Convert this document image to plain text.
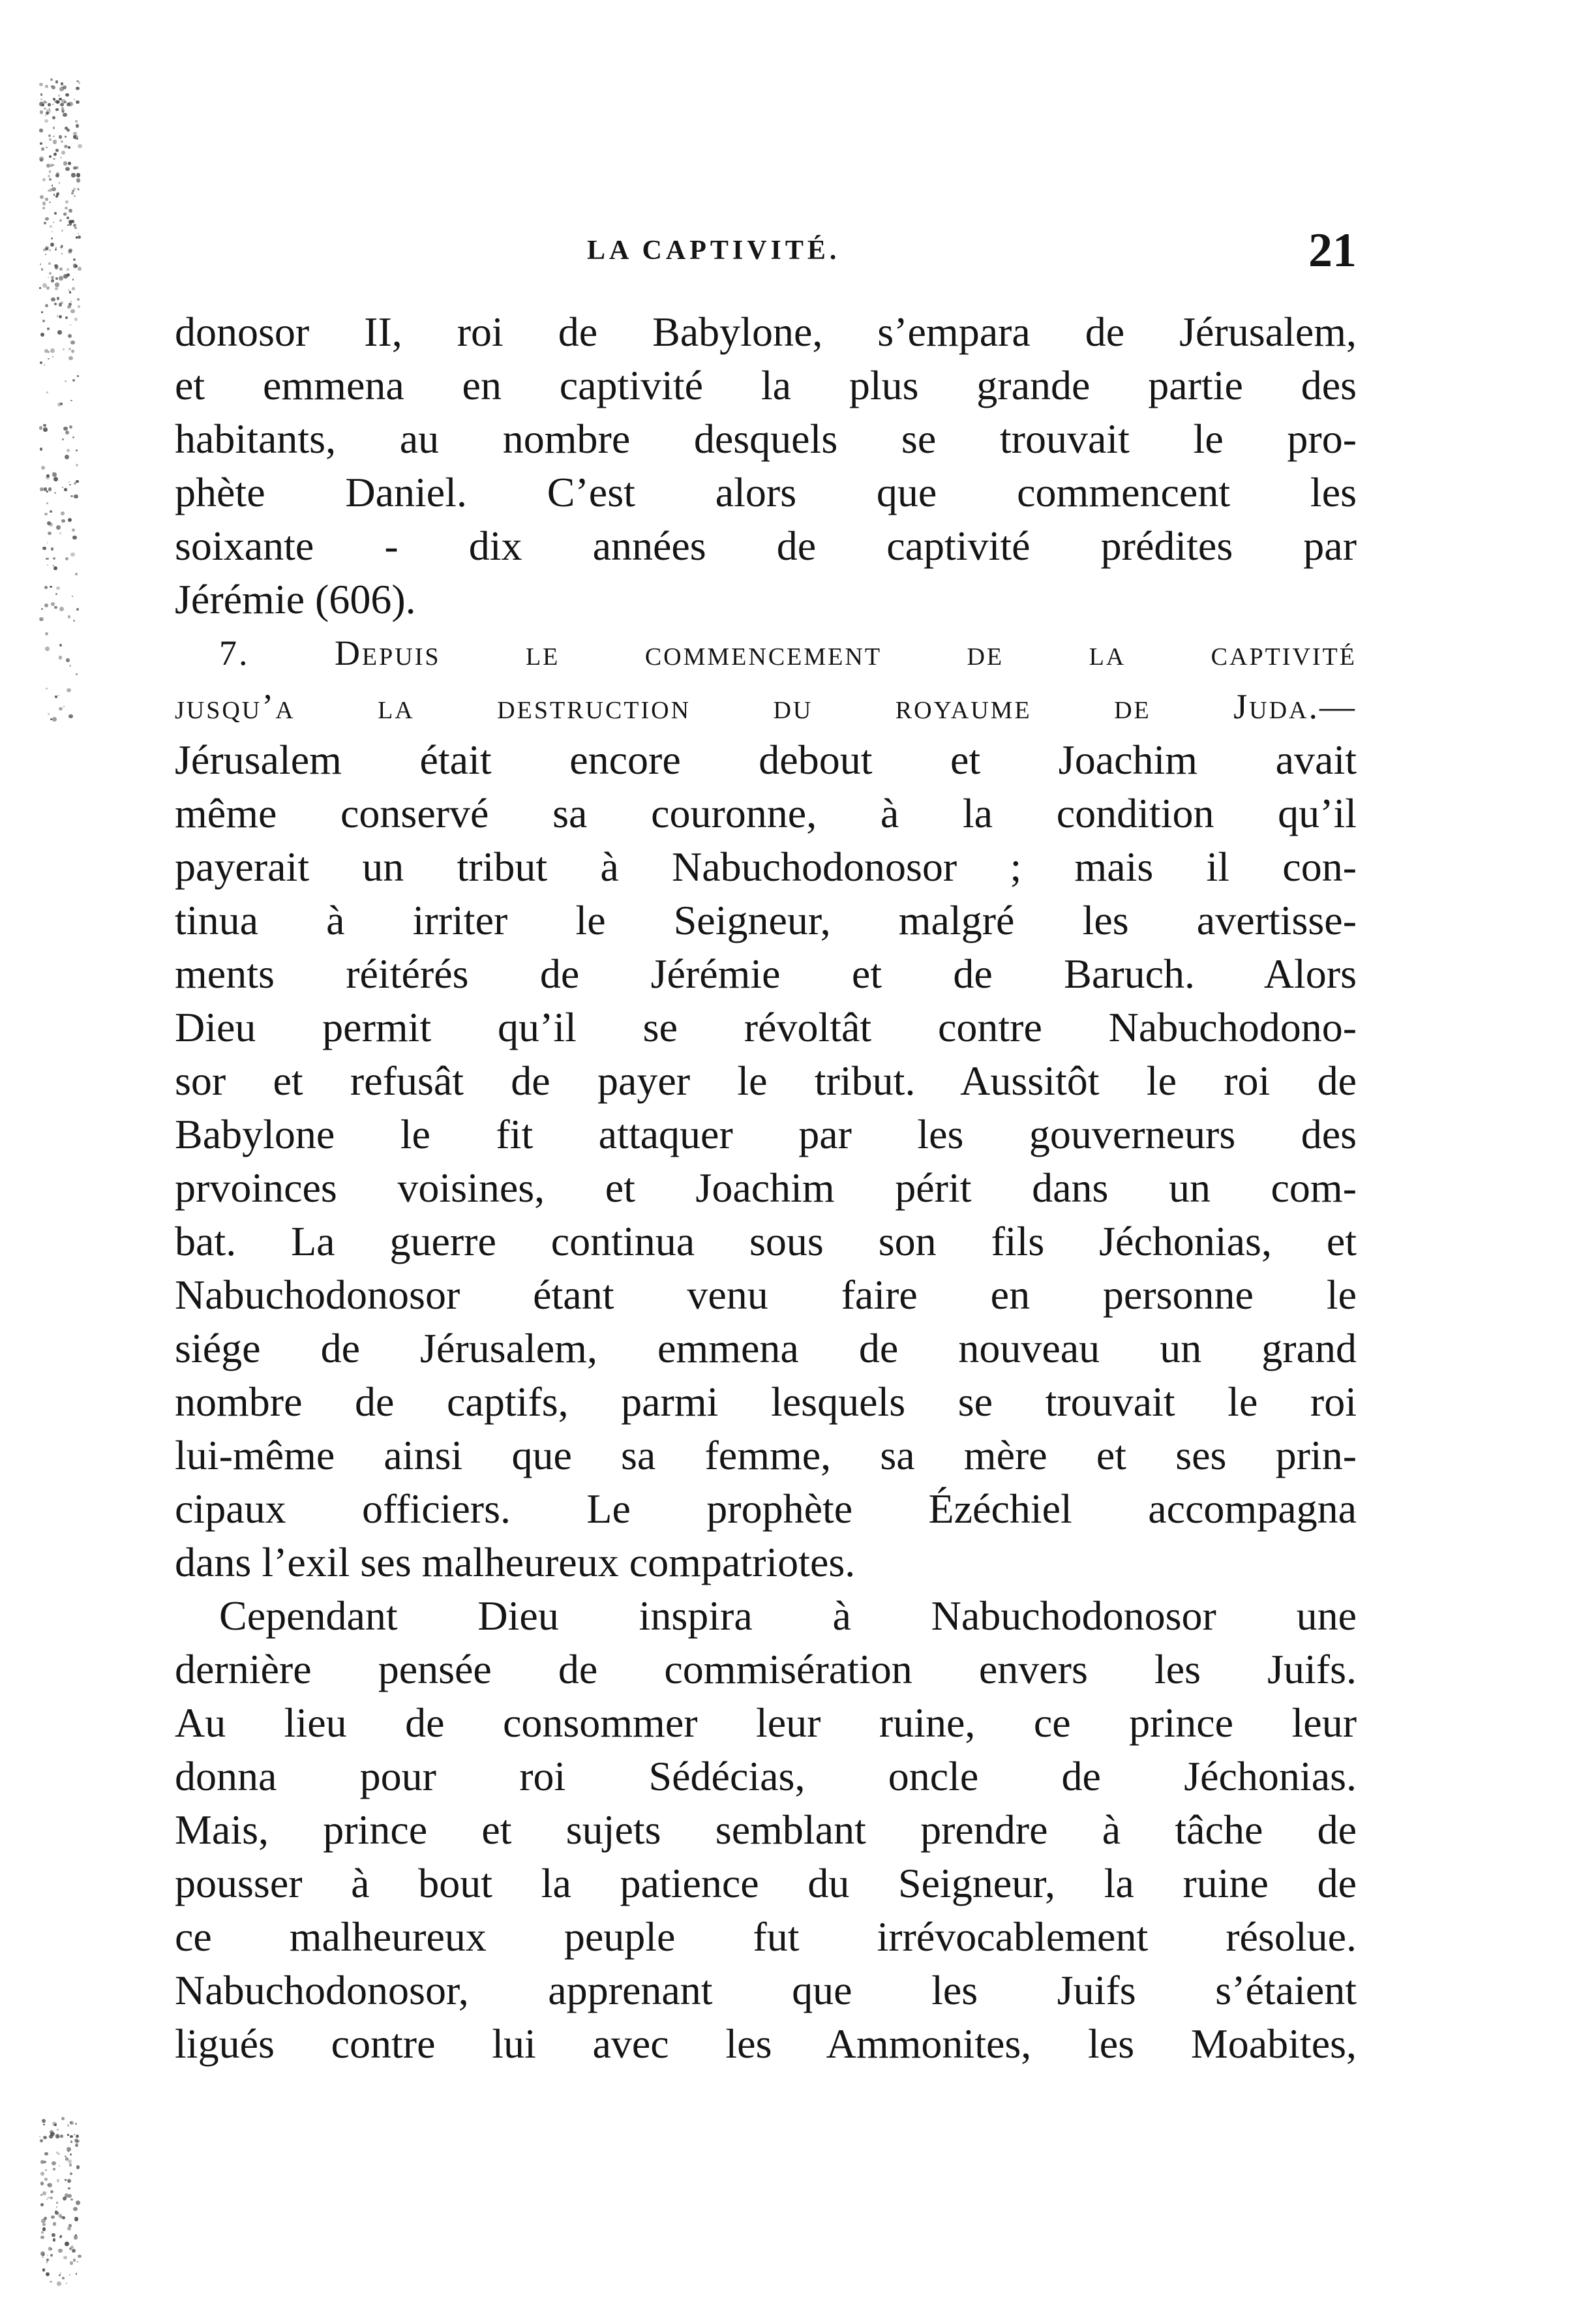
LA CAPTIVITÉ.	21
donosor II, roi de Babylone, s’empara de Jérusalem,
et emmena en captivité la plus grande partie des
habitants, au nombre desquels se trouvait le pro-
phète Daniel. C’est alors que commencent les
soixante - dix années de captivité prédites par
Jérémie (606).
7. Depuis le commencement de la captivité
jusqu’a la destruction du royaume de Juda.—
Jérusalem était encore debout et Joachim avait
même conservé sa couronne, à la condition qu’il
payerait un tribut à Nabuchodonosor ; mais il con-
tinua à irriter le Seigneur, malgré les avertisse-
ments réitérés de Jérémie et de Baruch. Alors
Dieu permit qu’il se révoltât contre Nabuchodono-
sor et refusât de payer le tribut. Aussitôt le roi de
Babylone le fit attaquer par les gouverneurs des
prvoinces voisines, et Joachim périt dans un com-
bat. La guerre continua sous son fils Jéchonias, et
Nabuchodonosor étant venu faire en personne le
siége de Jérusalem, emmena de nouveau un grand
nombre de captifs, parmi lesquels se trouvait le roi
lui-même ainsi que sa femme, sa mère et ses prin-
cipaux officiers. Le prophète Ézéchiel accompagna
dans l’exil ses malheureux compatriotes.
Cependant Dieu inspira à Nabuchodonosor une
dernière pensée de commisération envers les Juifs.
Au lieu de consommer leur ruine, ce prince leur
donna pour roi Sédécias, oncle de Jéchonias.
Mais, prince et sujets semblant prendre à tâche de
pousser à bout la patience du Seigneur, la ruine de
ce malheureux peuple fut irrévocablement résolue.
Nabuchodonosor, apprenant que les Juifs s’étaient
ligués contre lui avec les Ammonites, les Moabites,
